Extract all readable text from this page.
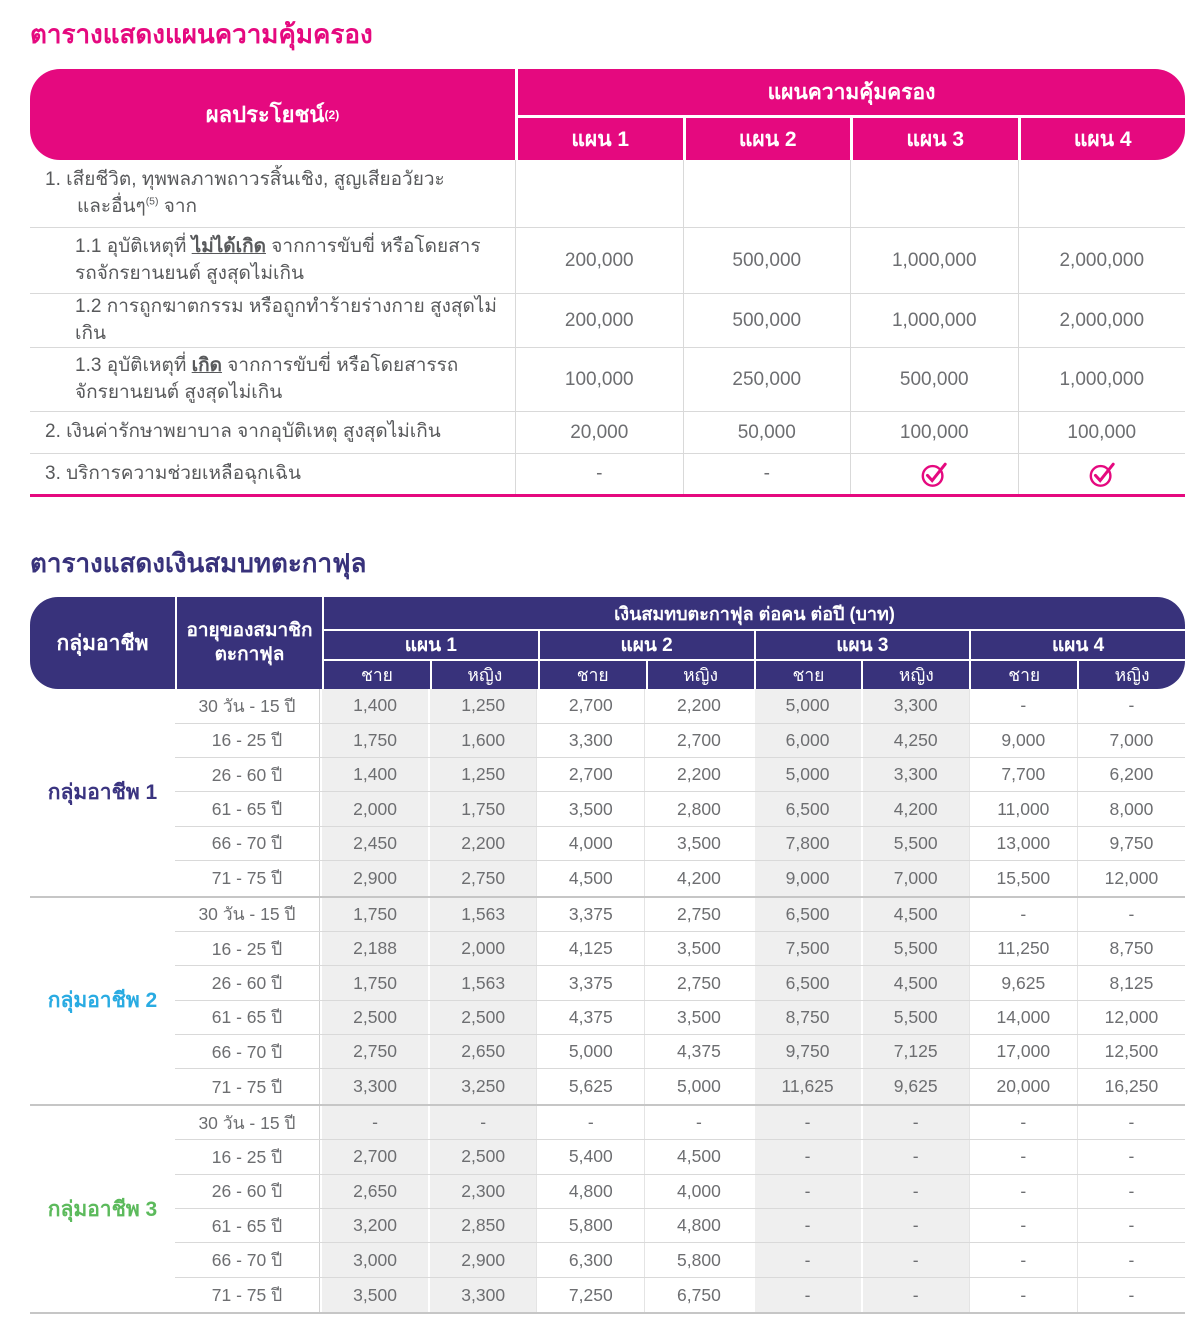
ตารางแสดงแผนความคุ้มครอง
ผลประโยชน์ (2)
แผนความคุ้มครอง
แผน 1	แผน 2	แผน 3	แผน 4
1. เสียชีวิต, ทุพพลภาพถาวรสิ้นเชิง, สูญเสียอวัยวะ
และอื่นๆ$^{(5)}$ จาก
1.1 อุบัติเหตุที่ ไม่ได้เกิด จากการขับขี่ หรือโดยสาร รถจักรยานยนต์ สูงสุดไม่เกิน
200,000	500,000	1,000,000	2,000,000
1.2 การถูกฆาตกรรม หรือถูกทำร้ายร่างกาย สูงสุดไม่เกิน
200,000	500,000	1,000,000	2,000,000
1.3 อุบัติเหตุที่ เกิด จากการขับขี่ หรือโดยสารรถจักรยานยนต์ สูงสุดไม่เกิน
100,000	250,000	500,000	1,000,000
2. เงินค่ารักษาพยาบาล จากอุบัติเหตุ สูงสุดไม่เกิน	20,000	50,000	100,000	100,000
3. บริการความช่วยเหลือฉุกเฉิน	-	-
ตารางแสดงเงินสมบทตะกาฟุล
กลุ่มอาชีพ
อายุของสมาชิก
ตะกาฟุล
เงินสมทบตะกาฟุล ต่อคน ต่อปี (บาท)
แผน 1	แผน 2	แผน 3	แผน 4
ชาย	หญิง	ชาย	หญิง	ชาย	หญิง	ชาย	หญิง
กลุ่มอาชีพ 1
30 วัน - 15 ปี	1,400	1,250	2,700	2,200	5,000	3,300	-	-
16 - 25 ปี	1,750	1,600	3,300	2,700	6,000	4,250	9,000	7,000
26 - 60 ปี	1,400	1,250	2,700	2,200	5,000	3,300	7,700	6,200
61 - 65 ปี	2,000	1,750	3,500	2,800	6,500	4,200	11,000	8,000
66 - 70 ปี	2,450	2,200	4,000	3,500	7,800	5,500	13,000	9,750
71 - 75 ปี	2,900	2,750	4,500	4,200	9,000	7,000	15,500	12,000
กลุ่มอาชีพ 2
30 วัน - 15 ปี	1,750	1,563	3,375	2,750	6,500	4,500	-	-
16 - 25 ปี	2,188	2,000	4,125	3,500	7,500	5,500	11,250	8,750
26 - 60 ปี	1,750	1,563	3,375	2,750	6,500	4,500	9,625	8,125
61 - 65 ปี	2,500	2,500	4,375	3,500	8,750	5,500	14,000	12,000
66 - 70 ปี	2,750	2,650	5,000	4,375	9,750	7,125	17,000	12,500
71 - 75 ปี	3,300	3,250	5,625	5,000	11,625	9,625	20,000	16,250
กลุ่มอาชีพ 3
30 วัน - 15 ปี	-	-	-	-	-	-	-	-
16 - 25 ปี	2,700	2,500	5,400	4,500	-	-	-	-
26 - 60 ปี	2,650	2,300	4,800	4,000	-	-	-	-
61 - 65 ปี	3,200	2,850	5,800	4,800	-	-	-	-
66 - 70 ปี	3,000	2,900	6,300	5,800	-	-	-	-
71 - 75 ปี	3,500	3,300	7,250	6,750	-	-	-	-
